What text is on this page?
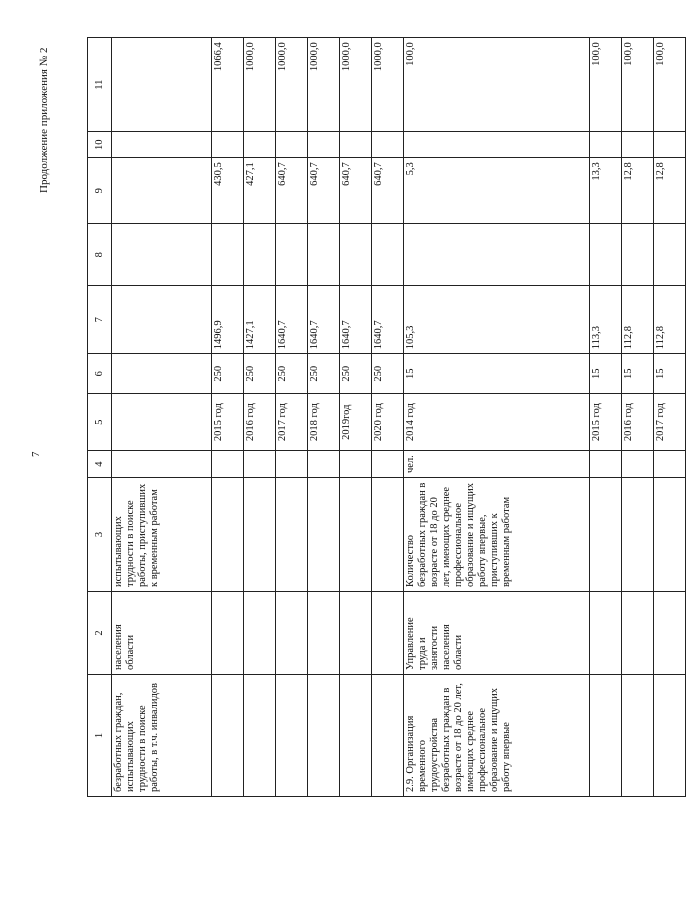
7
Продолжение приложения № 2
1	2	3	4	5	6	7	8	9	10	11
безработных граждан, испытывающих трудности в поиске работы, в т.ч. инвалидов	населения области	испытывающих трудности в поиске работы, приступивших к временным работам								
				2015 год	250	1496,9		430,5		1066,4
				2016 год	250	1427,1		427,1		1000,0
				2017 год	250	1640,7		640,7		1000,0
				2018 год	250	1640,7		640,7		1000,0
				2019год	250	1640,7		640,7		1000,0
				2020 год	250	1640,7		640,7		1000,0
2.9. Организация временного трудоустройства безработных граждан в возрасте от 18 до 20 лет, имеющих среднее профессиональное образование и ищущих работу впервые	Управление труда и занятости населения области	Количество безработных граждан в возрасте от 18 до 20 лет, имеющих среднее профессиональное образование и ищущих работу впервые, приступивших к временным работам	чел.	2014 год	15	105,3		5,3		100,0
				2015 год	15	113,3		13,3		100,0
				2016 год	15	112,8		12,8		100,0
				2017 год	15	112,8		12,8		100,0
